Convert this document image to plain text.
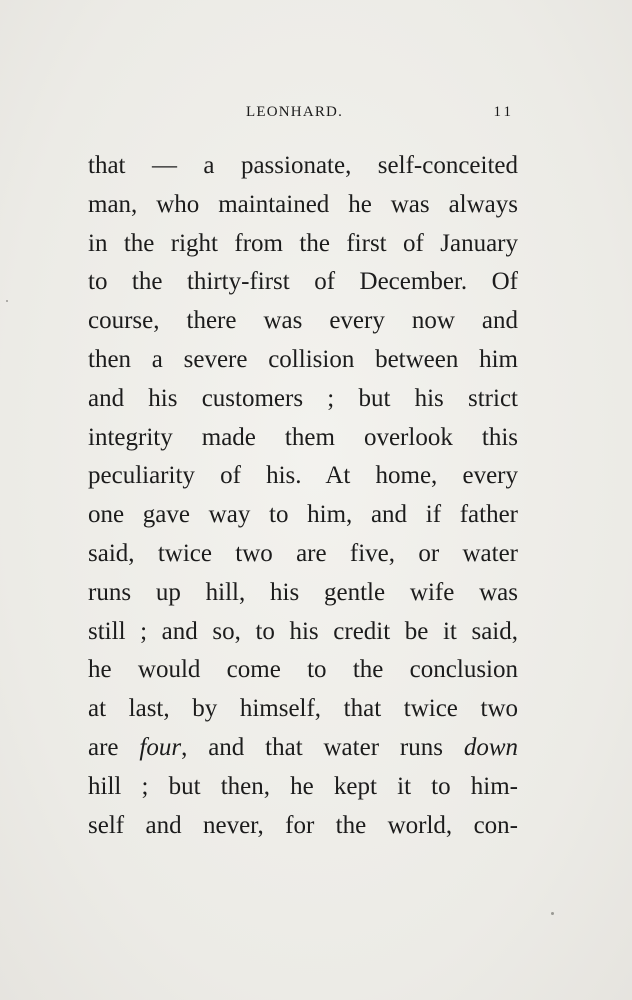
LEONHARD.	11
that — a passionate, self-conceited
man, who maintained he was always
in the right from the first of January
to the thirty-first of December. Of
course, there was every now and
then a severe collision between him
and his customers ; but his strict
integrity made them overlook this
peculiarity of his. At home, every
one gave way to him, and if father
said, twice two are five, or water
runs up hill, his gentle wife was
still ; and so, to his credit be it said,
he would come to the conclusion
at last, by himself, that twice two
are four, and that water runs down
hill ; but then, he kept it to him-
self and never, for the world, con-
